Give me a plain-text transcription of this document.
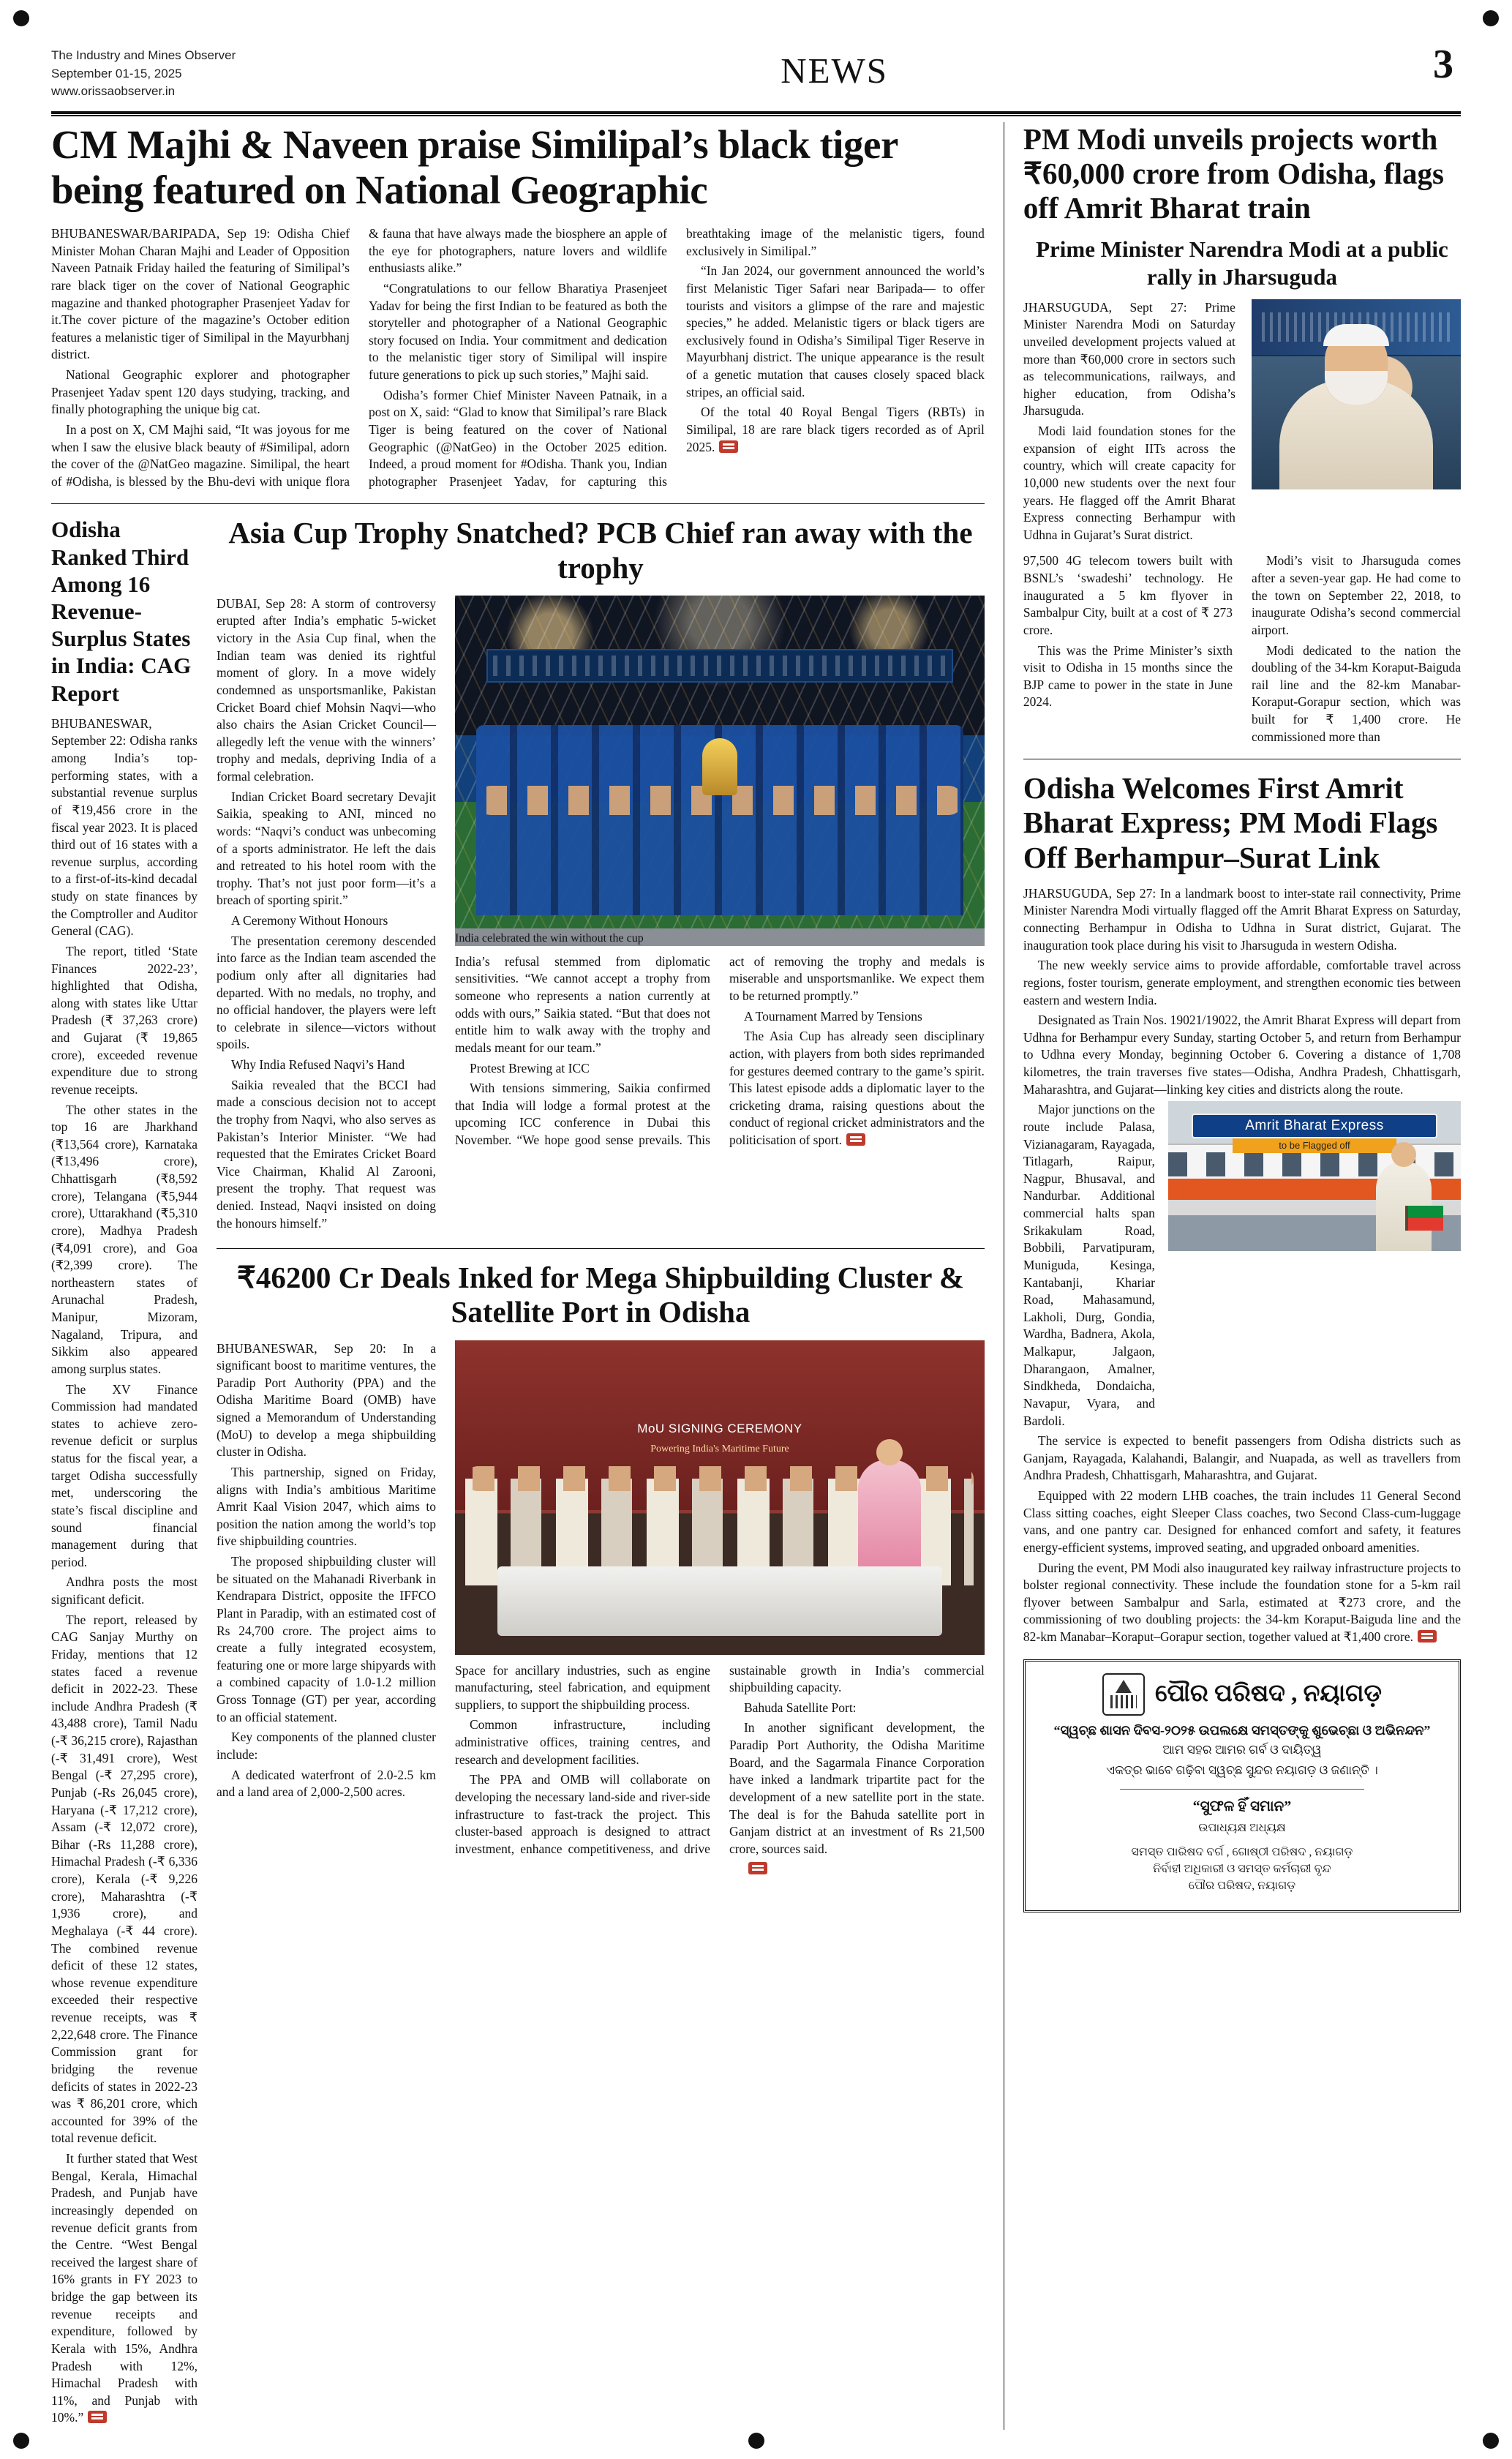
The Industry and Mines Observer
September 01-15, 2025
www.orissaobserver.in
NEWS	3
CM Majhi & Naveen praise Similipal’s black tiger being featured on National Geographic

BHUBANESWAR/BARIPADA, Sep 19: Odisha Chief Minister Mohan Charan Majhi and Leader of Opposition Naveen Patnaik Friday hailed the featuring of Similipal’s rare black tiger on the cover of National Geographic magazine and thanked photographer Prasenjeet Yadav for it.The cover picture of the magazine’s October edition features a melanistic tiger of Similipal in the Mayurbhanj district.

National Geographic explorer and photographer Prasenjeet Yadav spent 120 days studying, tracking, and finally photographing the unique big cat.

In a post on X, CM Majhi said, “It was joyous for me when I saw the elusive black beauty of #Similipal, adorn the cover of the @NatGeo magazine. Similipal, the heart of #Odisha, is blessed by the Bhu-devi with unique flora & fauna that have always made the biosphere an apple of the eye for photographers, nature lovers and wildlife enthusiasts alike.”

“Congratulations to our fellow Bharatiya Prasenjeet Yadav for being the first Indian to be featured as both the storyteller and photographer of a National Geographic story focused on India. Your commitment and dedication to the melanistic tiger story of Similipal will inspire future generations to pick up such stories,” Majhi said.

Odisha’s former Chief Minister Naveen Patnaik, in a post on X, said: “Glad to know that Similipal’s rare Black Tiger is being featured on the cover of National Geographic (@NatGeo) in the October 2025 edition. Indeed, a proud moment for #Odisha. Thank you, Indian photographer Prasenjeet Yadav, for capturing this breathtaking image of the melanistic tigers, found exclusively in Similipal.”

“In Jan 2024, our government announced the world’s first Melanistic Tiger Safari near Baripada— to offer tourists and visitors a glimpse of the rare and majestic species,” he added. Melanistic tigers or black tigers are exclusively found in Odisha’s Similipal Tiger Reserve in Mayurbhanj district. The unique appearance is the result of a genetic mutation that causes closely spaced black stripes, an official said.

Of the total 40 Royal Bengal Tigers (RBTs) in Similipal, 18 are rare black tigers recorded as of April 2025.

Odisha Ranked Third Among 16 Revenue-Surplus States in India: CAG Report

BHUBANESWAR, September 22: Odisha ranks among India’s top-performing states, with a substantial revenue surplus of ₹19,456 crore in the fiscal year 2023. It is placed third out of 16 states with a revenue surplus, according to a first-of-its-kind decadal study on state finances by the Comptroller and Auditor General (CAG).

The report, titled ‘State Finances 2022-23’, highlighted that Odisha, along with states like Uttar Pradesh (₹ 37,263 crore) and Gujarat (₹ 19,865 crore), exceeded revenue expenditure due to strong revenue receipts.

The other states in the top 16 are Jharkhand (₹13,564 crore), Karnataka (₹13,496 crore), Chhattisgarh (₹8,592 crore), Telangana (₹5,944 crore), Uttarakhand (₹5,310 crore), Madhya Pradesh (₹4,091 crore), and Goa (₹2,399 crore). The northeastern states of Arunachal Pradesh, Manipur, Mizoram, Nagaland, Tripura, and Sikkim also appeared among surplus states.

The XV Finance Commission had mandated states to achieve zero-revenue deficit or surplus status for the fiscal year, a target Odisha successfully met, underscoring the state’s fiscal discipline and sound financial management during that period.

Andhra posts the most significant deficit.

The report, released by CAG Sanjay Murthy on Friday, mentions that 12 states faced a revenue deficit in 2022-23. These include Andhra Pradesh (₹ 43,488 crore), Tamil Nadu (-₹ 36,215 crore), Rajasthan (-₹ 31,491 crore), West Bengal (-₹ 27,295 crore), Punjab (-Rs 26,045 crore), Haryana (-₹ 17,212 crore), Assam (-₹ 12,072 crore), Bihar (-Rs 11,288 crore), Himachal Pradesh (-₹ 6,336 crore), Kerala (-₹ 9,226 crore), Maharashtra (-₹ 1,936 crore), and Meghalaya (-₹ 44 crore). The combined revenue deficit of these 12 states, whose revenue expenditure exceeded their respective revenue receipts, was ₹ 2,22,648 crore. The Finance Commission grant for bridging the revenue deficits of states in 2022-23 was ₹ 86,201 crore, which accounted for 39% of the total revenue deficit.

It further stated that West Bengal, Kerala, Himachal Pradesh, and Punjab have increasingly depended on revenue deficit grants from the Centre. “West Bengal received the largest share of 16% grants in FY 2023 to bridge the gap between its revenue receipts and expenditure, followed by Kerala with 15%, Andhra Pradesh with 12%, Himachal Pradesh with 11%, and Punjab with 10%.”

Asia Cup Trophy Snatched? PCB Chief ran away with the trophy

DUBAI, Sep 28: A storm of controversy erupted after India’s emphatic 5-wicket victory in the Asia Cup final, when the Indian team was denied its rightful moment of glory. In a move widely condemned as unsportsmanlike, Pakistan Cricket Board chief Mohsin Naqvi—who also chairs the Asian Cricket Council—allegedly left the venue with the winners’ trophy and medals, depriving India of a formal celebration.

Indian Cricket Board secretary Devajit Saikia, speaking to ANI, minced no words: “Naqvi’s conduct was unbecoming of a sports administrator. He left the dais and retreated to his hotel room with the trophy. That’s not just poor form—it’s a breach of sporting spirit.”

A Ceremony Without Honours

The presentation ceremony descended into farce as the Indian team ascended the podium only after all dignitaries had departed. With no medals, no trophy, and no official handover, the players were left to celebrate in silence—victors without spoils.

Why India Refused Naqvi’s Hand

Saikia revealed that the BCCI had made a conscious decision not to accept the trophy from Naqvi, who also serves as Pakistan’s Interior Minister. “We had requested that the Emirates Cricket Board Vice Chairman, Khalid Al Zarooni, present the trophy. That request was denied. Instead, Naqvi insisted on doing the honours himself.”

India celebrated the win without the cup

India’s refusal stemmed from diplomatic sensitivities. “We cannot accept a trophy from someone who represents a nation currently at odds with ours,” Saikia stated. “But that does not entitle him to walk away with the trophy and medals meant for our team.”

Protest Brewing at ICC

With tensions simmering, Saikia confirmed that India will lodge a formal protest at the upcoming ICC conference in Dubai this November. “We hope good sense prevails. This act of removing the trophy and medals is miserable and unsportsmanlike. We expect them to be returned promptly.”

A Tournament Marred by Tensions

The Asia Cup has already seen disciplinary action, with players from both sides reprimanded for gestures deemed contrary to the game’s spirit. This latest episode adds a diplomatic layer to the cricketing drama, raising questions about the conduct of regional cricket administrators and the politicisation of sport.

₹46200 Cr Deals Inked for Mega Shipbuilding Cluster & Satellite Port in Odisha

BHUBANESWAR, Sep 20: In a significant boost to maritime ventures, the Paradip Port Authority (PPA) and the Odisha Maritime Board (OMB) have signed a Memorandum of Understanding (MoU) to develop a mega shipbuilding cluster in Odisha.

This partnership, signed on Friday, aligns with India’s ambitious Maritime Amrit Kaal Vision 2047, which aims to position the nation among the world’s top five shipbuilding countries.

The proposed shipbuilding cluster will be situated on the Mahanadi Riverbank in Kendrapara District, opposite the IFFCO Plant in Paradip, with an estimated cost of Rs 24,700 crore. The project aims to create a fully integrated ecosystem, featuring one or more large shipyards with a combined capacity of 1.0-1.2 million Gross Tonnage (GT) per year, according to an official statement.

Key components of the planned cluster include:

A dedicated waterfront of 2.0-2.5 km and a land area of 2,000-2,500 acres.

MoU SIGNING CEREMONY
Powering India's Maritime Future

Space for ancillary industries, such as engine manufacturing, steel fabrication, and equipment suppliers, to support the shipbuilding process.

Common infrastructure, including administrative offices, training centres, and research and development facilities.

The PPA and OMB will collaborate on developing the necessary land-side and river-side infrastructure to fast-track the project. This cluster-based approach is designed to attract investment, enhance competitiveness, and drive sustainable growth in India’s commercial shipbuilding capacity.

Bahuda Satellite Port:

In another significant development, the Paradip Port Authority, the Odisha Maritime Board, and the Sagarmala Finance Corporation have inked a landmark tripartite pact for the development of a new satellite port in the state. The deal is for the Bahuda satellite port in Ganjam district at an investment of Rs 21,500 crore, sources said.

PM Modi unveils projects worth ₹60,000 crore from Odisha, flags off Amrit Bharat train
Prime Minister Narendra Modi at a public rally in Jharsuguda

JHARSUGUDA, Sept 27: Prime Minister Narendra Modi on Saturday unveiled development projects valued at more than ₹60,000 crore in sectors such as telecommunications, railways, and higher education, from Odisha’s Jharsuguda.

Modi laid foundation stones for the expansion of eight IITs across the country, which will create capacity for 10,000 new students over the next four years. He flagged off the Amrit Bharat Express connecting Berhampur with Udhna in Gujarat’s Surat district.

97,500 4G telecom towers built with BSNL’s ‘swadeshi’ technology. He inaugurated a 5 km flyover in Sambalpur City, built at a cost of ₹ 273 crore.

This was the Prime Minister’s sixth visit to Odisha in 15 months since the BJP came to power in the state in June 2024.

Modi’s visit to Jharsuguda comes after a seven-year gap. He had come to the town on September 22, 2018, to inaugurate Odisha’s second commercial airport.

Modi dedicated to the nation the doubling of the 34-km Koraput-Baiguda rail line and the 82-km Manabar-Koraput-Gorapur section, which was built for ₹ 1,400 crore. He commissioned more than

Odisha Welcomes First Amrit Bharat Express; PM Modi Flags Off Berhampur–Surat Link

JHARSUGUDA, Sep 27: In a landmark boost to inter-state rail connectivity, Prime Minister Narendra Modi virtually flagged off the Amrit Bharat Express on Saturday, connecting Berhampur in Odisha to Udhna in Surat district, Gujarat. The inauguration took place during his visit to Jharsuguda in western Odisha.

The new weekly service aims to provide affordable, comfortable travel across regions, foster tourism, generate employment, and strengthen economic ties between eastern and western India.

Designated as Train Nos. 19021/19022, the Amrit Bharat Express will depart from Udhna for Berhampur every Sunday, starting October 5, and return from Berhampur to Udhna every Monday, beginning October 6. Covering a distance of 1,708 kilometres, the train traverses five states—Odisha, Andhra Pradesh, Chhattisgarh, Maharashtra, and Gujarat—linking key cities and districts along the route.

Major junctions on the route include Palasa, Vizianagaram, Rayagada, Titlagarh, Raipur, Nagpur, Bhusaval, and Nandurbar. Additional commercial halts span Srikakulam Road, Bobbili, Parvatipuram, Muniguda, Kesinga, Kantabanji, Khariar Road, Mahasamund, Lakholi, Durg, Gondia, Wardha, Badnera, Akola, Malkapur, Jalgaon, Dharangaon, Amalner, Sindkheda, Dondaicha, Navapur, Vyara, and Bardoli.

Amrit Bharat Express
to be Flagged off

The service is expected to benefit passengers from Odisha districts such as Ganjam, Rayagada, Kalahandi, Balangir, and Nuapada, as well as travellers from Andhra Pradesh, Chhattisgarh, Maharashtra, and Gujarat.

Equipped with 22 modern LHB coaches, the train includes 11 General Second Class sitting coaches, eight Sleeper Class coaches, two Second Class-cum-luggage vans, and one pantry car. Designed for enhanced comfort and safety, it features energy-efficient systems, improved seating, and upgraded onboard amenities.

During the event, PM Modi also inaugurated key railway infrastructure projects to bolster regional connectivity. These include the foundation stone for a 5-km rail flyover between Sambalpur and Sarla, estimated at ₹273 crore, and the commissioning of two doubling projects: the 34-km Koraput-Baiguda line and the 82-km Manabar–Koraput–Gorapur section, together valued at ₹1,400 crore.

ପୌର ପରିଷଦ , ନୟାଗଡ଼
“ସ୍ୱଚ୍ଛ ଶାସନ ଦିବସ-୨୦୨୫ ଉପଲକ୍ଷେ ସମସ୍ତଙ୍କୁ ଶୁଭେଚ୍ଛା ଓ ଅଭିନନ୍ଦନ”
ଆମ ସହର ଆମର ଗର୍ବ ଓ ଦାୟିତ୍ୱ
ଏକତ୍ର ଭାବେ ଗଢ଼ିବା ସ୍ୱଚ୍ଛ ସୁନ୍ଦର ନୟାଗଡ଼ ଓ ଜଣାନ୍ତି ।
“ସୁଫଳ ହିଁ ସମାନ”
ଉପାଧ୍ୟକ୍ଷ ଅଧ୍ୟକ୍ଷ
ସମସ୍ତ ପାରିଷଦ ବର୍ଗ , ଗୋଷ୍ଠୀ ପରିଷଦ , ନୟାଗଡ଼
ନିର୍ବାହୀ ଅଧିକାରୀ ଓ ସମସ୍ତ କର୍ମଚାରୀ ବୃନ୍ଦ
ପୌର ପରିଷଦ, ନୟାଗଡ଼
